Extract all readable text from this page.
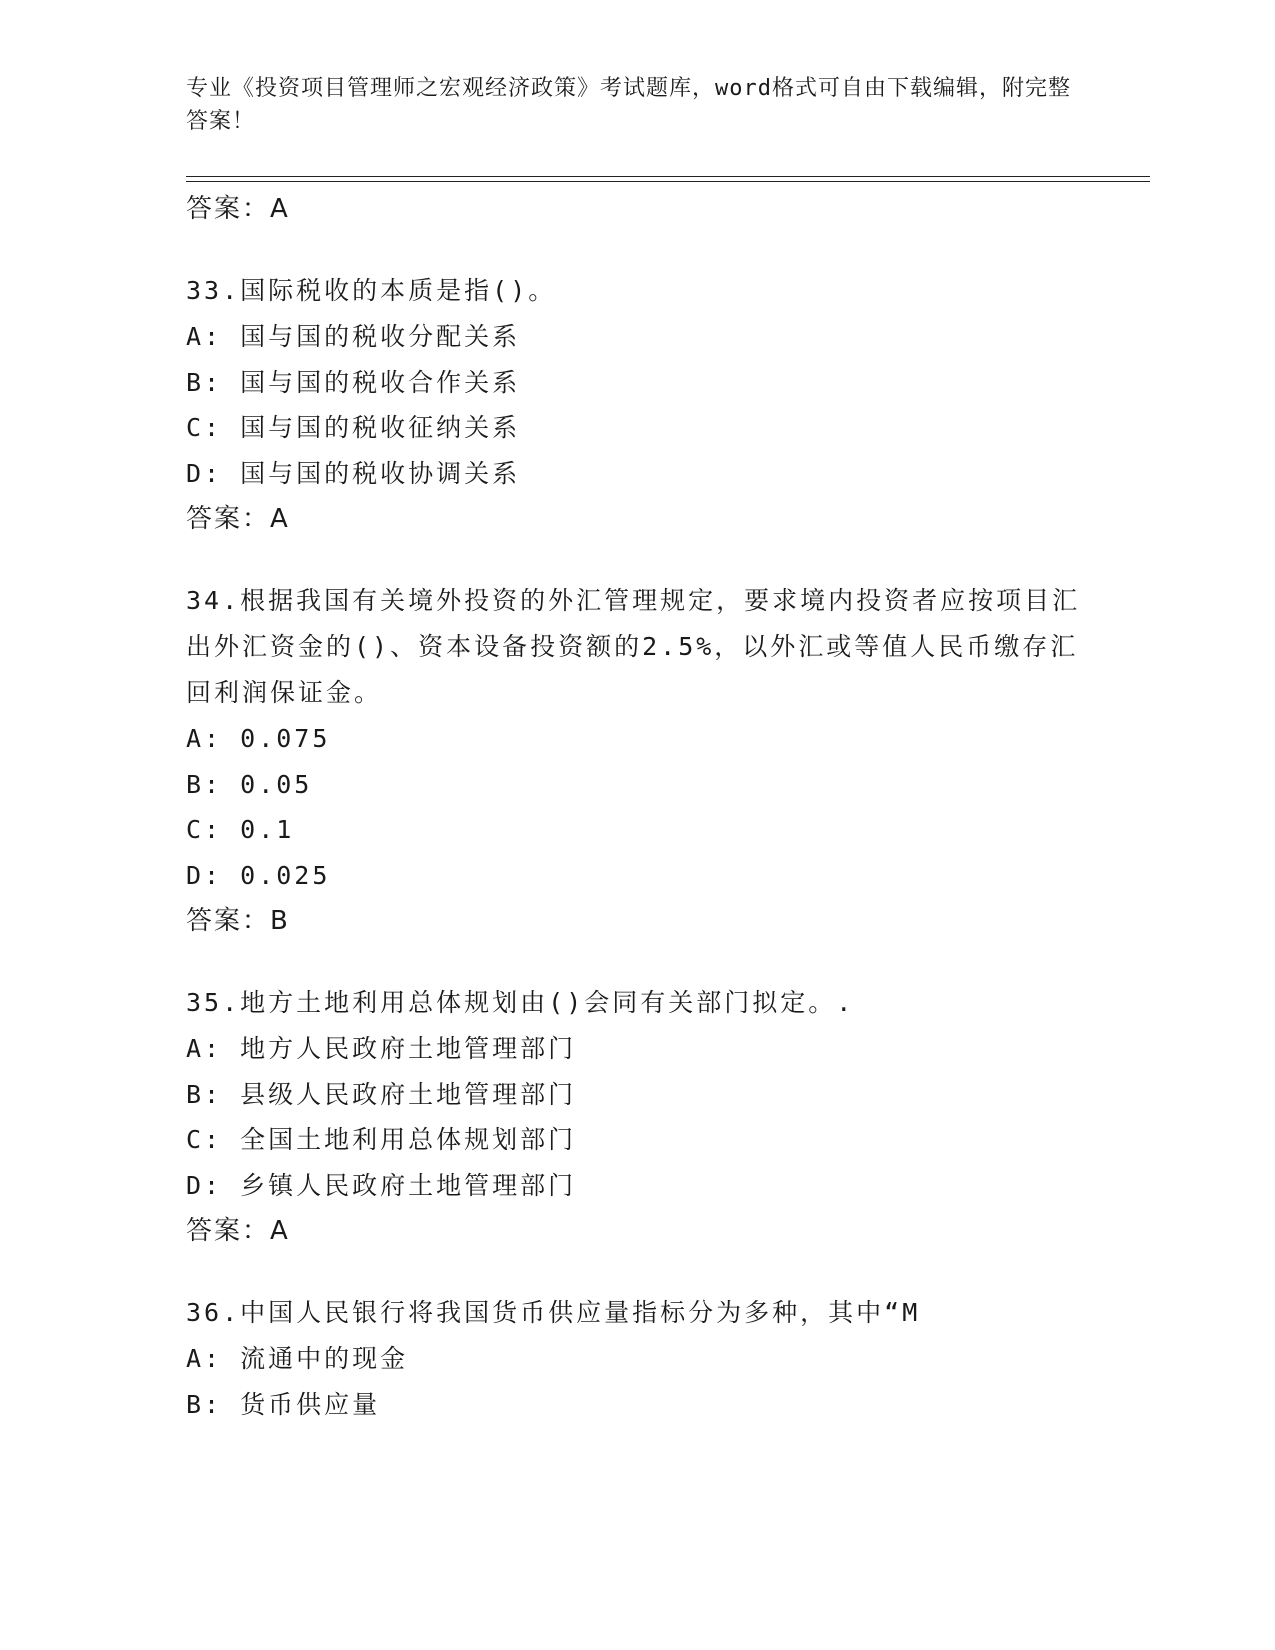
专业《投资项目管理师之宏观经济政策》考试题库，word格式可自由下载编辑，附完整答案！
答案：A
33.国际税收的本质是指()。
A: 国与国的税收分配关系
B: 国与国的税收合作关系
C: 国与国的税收征纳关系
D: 国与国的税收协调关系
答案：A
34.根据我国有关境外投资的外汇管理规定，要求境内投资者应按项目汇出外汇资金的()、资本设备投资额的2.5%，以外汇或等值人民币缴存汇回利润保证金。
A: 0.075
B: 0.05
C: 0.1
D: 0.025
答案：B
35.地方土地利用总体规划由()会同有关部门拟定。.
A: 地方人民政府土地管理部门
B: 县级人民政府土地管理部门
C: 全国土地利用总体规划部门
D: 乡镇人民政府土地管理部门
答案：A
36.中国人民银行将我国货币供应量指标分为多种，其中“M
A: 流通中的现金
B: 货币供应量
